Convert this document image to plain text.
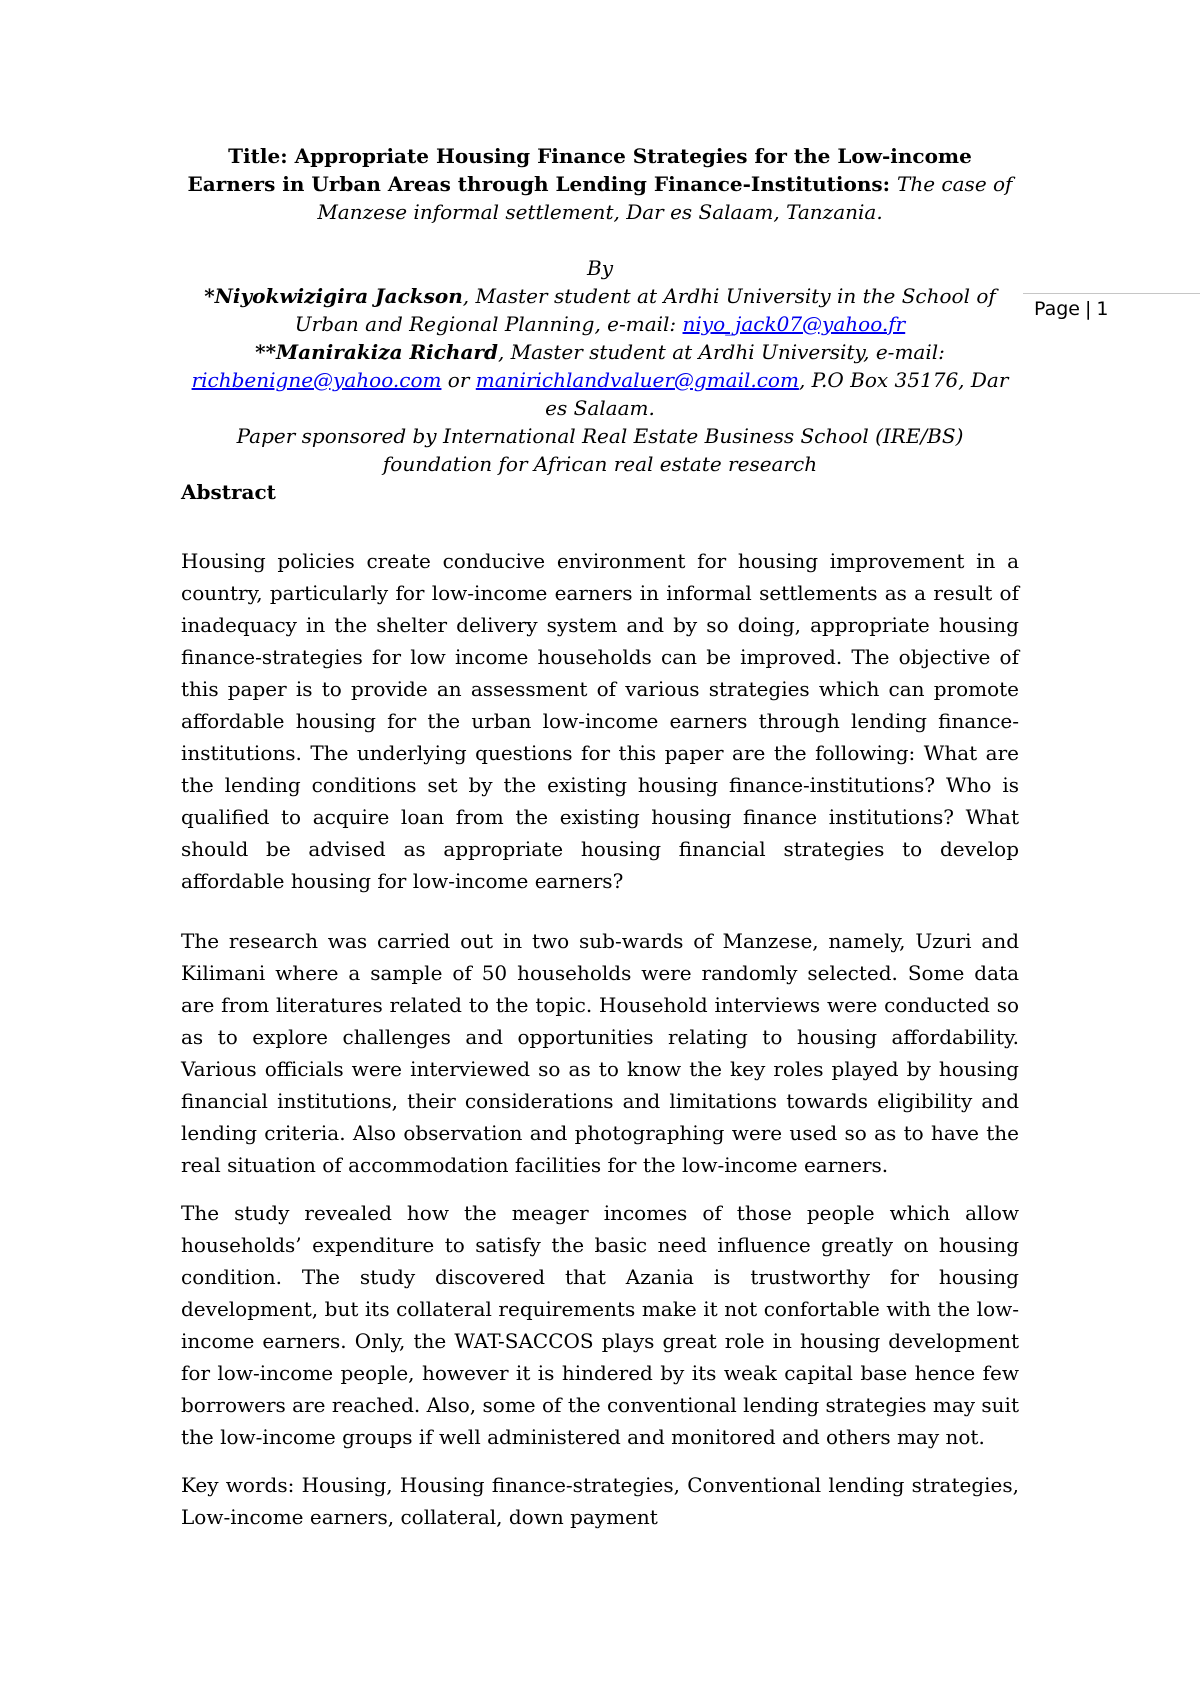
Page | 1
Title: Appropriate Housing Finance Strategies for the Low-income Earners in Urban Areas through Lending Finance-Institutions: The case of Manzese informal settlement, Dar es Salaam, Tanzania.
By
*Niyokwizigira Jackson, Master student at Ardhi University in the School of Urban and Regional Planning, e-mail: niyo_jack07@yahoo.fr
**Manirakiza Richard, Master student at Ardhi University, e-mail: richbenigne@yahoo.com or manirichlandvaluer@gmail.com, P.O Box 35176, Dar es Salaam.
Paper sponsored by International Real Estate Business School (IRE/BS) foundation for African real estate research
Abstract

Housing policies create conducive environment for housing improvement in a country, particularly for low-income earners in informal settlements as a result of inadequacy in the shelter delivery system and by so doing, appropriate housing finance-strategies for low income households can be improved. The objective of this paper is to provide an assessment of various strategies which can promote affordable housing for the urban low-income earners through lending finance-institutions. The underlying questions for this paper are the following: What are the lending conditions set by the existing housing finance-institutions? Who is qualified to acquire loan from the existing housing finance institutions? What should be advised as appropriate housing financial strategies to develop affordable housing for low-income earners?

The research was carried out in two sub-wards of Manzese, namely, Uzuri and Kilimani where a sample of 50 households were randomly selected. Some data are from literatures related to the topic. Household interviews were conducted so as to explore challenges and opportunities relating to housing affordability. Various officials were interviewed so as to know the key roles played by housing financial institutions, their considerations and limitations towards eligibility and lending criteria. Also observation and photographing were used so as to have the real situation of accommodation facilities for the low-income earners.

The study revealed how the meager incomes of those people which allow households’ expenditure to satisfy the basic need influence greatly on housing condition. The study discovered that Azania is trustworthy for housing development, but its collateral requirements make it not confortable with the low-income earners. Only, the WAT-SACCOS plays great role in housing development for low-income people, however it is hindered by its weak capital base hence few borrowers are reached. Also, some of the conventional lending strategies may suit the low-income groups if well administered and monitored and others may not.

Key words: Housing, Housing finance-strategies, Conventional lending strategies, Low-income earners, collateral, down payment
